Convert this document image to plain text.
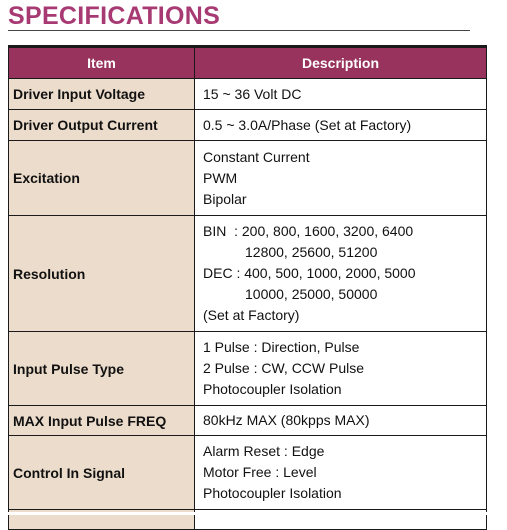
SPECIFICATIONS
Item	Description
Driver Input Voltage	15 ~ 36 Volt DC

Driver Output Current	0.5 ~ 3.0A/Phase (Set at Factory)

Excitation	Constant Current
PWM
Bipolar

Resolution	BIN  : 200, 800, 1600, 3200, 6400
12800, 25600, 51200
DEC : 400, 500, 1000, 2000, 5000
10000, 25000, 50000
(Set at Factory)

Input Pulse Type	1 Pulse : Direction, Pulse
2 Pulse : CW, CCW Pulse
Photocoupler Isolation

MAX Input Pulse FREQ	80kHz MAX (80kpps MAX)

Control In Signal	Alarm Reset : Edge
Motor Free : Level
Photocoupler Isolation
